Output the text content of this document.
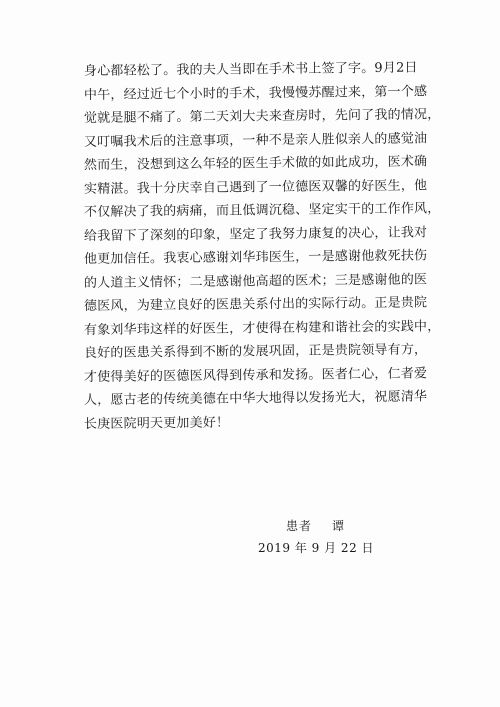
身心都轻松了。我的夫人当即在手术书上签了字。9月2日
中午，经过近七个小时的手术，我慢慢苏醒过来，第一个感
觉就是腿不痛了。第二天刘大夫来查房时，先问了我的情况，
又叮嘱我术后的注意事项，一种不是亲人胜似亲人的感觉油
然而生，没想到这么年轻的医生手术做的如此成功，医术确
实精湛。我十分庆幸自己遇到了一位德医双馨的好医生，他
不仅解决了我的病痛，而且低调沉稳、坚定实干的工作作风，
给我留下了深刻的印象，坚定了我努力康复的决心，让我对
他更加信任。我衷心感谢刘华玮医生，一是感谢他救死扶伤
的人道主义情怀；二是感谢他高超的医术；三是感谢他的医
德医风，为建立良好的医患关系付出的实际行动。正是贵院
有象刘华玮这样的好医生，才使得在构建和谐社会的实践中，
良好的医患关系得到不断的发展巩固，正是贵院领导有方，
才使得美好的医德医风得到传承和发扬。医者仁心，仁者爱
人，愿古老的传统美德在中华大地得以发扬光大，祝愿清华
长庚医院明天更加美好！
患者 谭
2019 年 9 月 22 日
